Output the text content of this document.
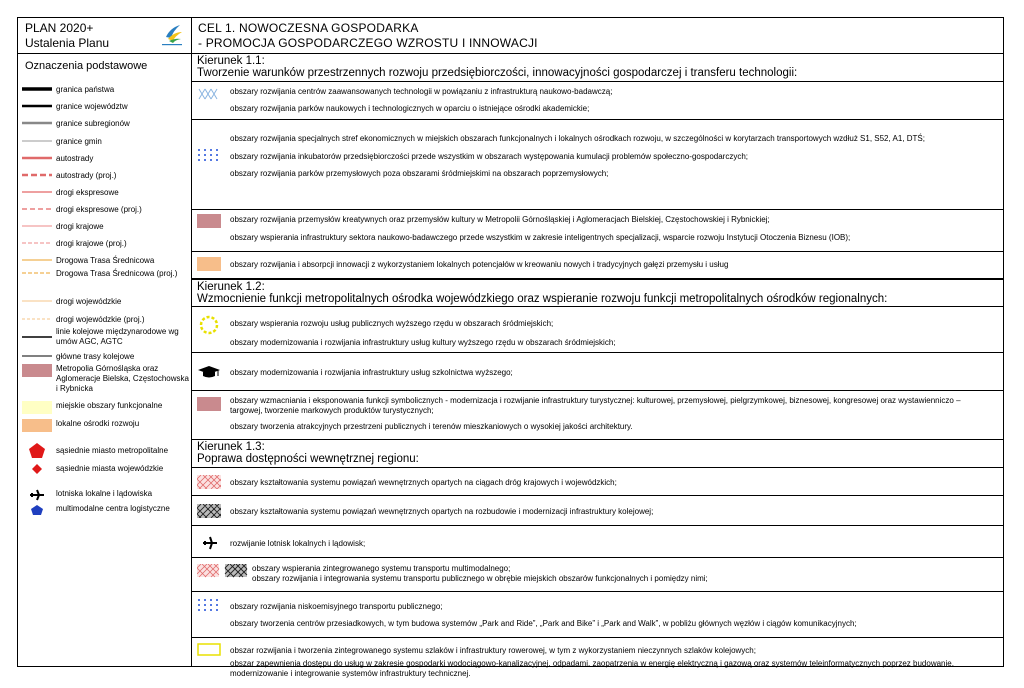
PLAN 2020+
Ustalenia Planu
CEL 1. NOWOCZESNA GOSPODARKA
- PROMOCJA GOSPODARCZEGO WZROSTU I INNOWACJI
Oznaczenia podstawowe
granica państwa
granice województw
granice subregionów
granice gmin
autostrady
autostrady (proj.)
drogi ekspresowe
drogi ekspresowe (proj.)
drogi krajowe
drogi krajowe (proj.)
Drogowa Trasa Średnicowa
Drogowa Trasa Średnicowa (proj.)
drogi wojewódzkie
drogi wojewódzkie (proj.)
linie kolejowe międzynarodowe wg umów AGC, AGTC
główne trasy kolejowe
Metropolia Górnośląska oraz Aglomeracje Bielska, Częstochowska i Rybnicka
miejskie obszary funkcjonalne
lokalne ośrodki rozwoju
sąsiednie miasto metropolitalne
sąsiednie miasta wojewódzkie
lotniska lokalne i lądowiska
multimodalne centra logistyczne
Kierunek 1.1:
Tworzenie warunków przestrzennych rozwoju przedsiębiorczości, innowacyjności gospodarczej i transferu technologii:
obszary rozwijania centrów zaawansowanych technologii w powiązaniu z infrastrukturą naukowo-badawczą;
obszary rozwijania parków naukowych i technologicznych w oparciu o istniejące ośrodki akademickie;
obszary rozwijania specjalnych stref ekonomicznych w miejskich obszarach funkcjonalnych i lokalnych ośrodkach rozwoju, w szczególności w korytarzach transportowych wzdłuż S1, S52, A1, DTŚ;
obszary rozwijania inkubatorów przedsiębiorczości przede wszystkim w obszarach występowania kumulacji problemów społeczno-gospodarczych;
obszary rozwijania parków przemysłowych poza obszarami śródmiejskimi na obszarach poprzemysłowych;
obszary rozwijania przemysłów kreatywnych oraz przemysłów kultury w Metropolii Górnośląskiej i Aglomeracjach Bielskiej, Częstochowskiej i Rybnickiej;
obszary wspierania infrastruktury sektora naukowo-badawczego przede wszystkim w zakresie inteligentnych specjalizacji, wsparcie rozwoju Instytucji Otoczenia Biznesu (IOB);
obszary rozwijania i absorpcji innowacji z wykorzystaniem lokalnych potencjałów w kreowaniu nowych i tradycyjnych gałęzi przemysłu i usług
Kierunek 1.2:
Wzmocnienie funkcji metropolitalnych ośrodka wojewódzkiego oraz wspieranie rozwoju funkcji metropolitalnych ośrodków regionalnych:
obszary wspierania rozwoju usług publicznych wyższego rzędu w obszarach śródmiejskich;
obszary modernizowania i rozwijania infrastruktury usług kultury wyższego rzędu w obszarach śródmiejskich;
obszary modernizowania i rozwijania infrastruktury usług szkolnictwa wyższego;
obszary wzmacniania i eksponowania funkcji symbolicznych - modernizacja i rozwijanie infrastruktury turystycznej: kulturowej, przemysłowej, pielgrzymkowej, biznesowej, kongresowej oraz wystawienniczo – targowej, tworzenie markowych produktów turystycznych;
obszary tworzenia atrakcyjnych przestrzeni publicznych i terenów mieszkaniowych o wysokiej jakości architektury.
Kierunek 1.3:
Poprawa dostępności wewnętrznej regionu:
obszary kształtowania systemu powiązań wewnętrznych opartych na ciągach dróg krajowych i wojewódzkich;
obszary kształtowania systemu powiązań wewnętrznych opartych na rozbudowie i modernizacji infrastruktury kolejowej;
rozwijanie lotnisk lokalnych i lądowisk;
obszary wspierania zintegrowanego systemu transportu multimodalnego;
obszary rozwijania i integrowania systemu transportu publicznego w obrębie miejskich obszarów funkcjonalnych i pomiędzy nimi;
obszary rozwijania niskoemisyjnego transportu publicznego;
obszary tworzenia centrów przesiadkowych, w tym budowa systemów „Park and Ride”, „Park and Bike” i „Park and Walk”, w pobliżu głównych węzłów i ciągów komunikacyjnych;
obszar rozwijania i tworzenia zintegrowanego systemu szlaków i infrastruktury rowerowej, w tym z wykorzystaniem nieczynnych szlaków kolejowych;
obszar zapewnienia dostępu do usług w zakresie gospodarki wodociągowo-kanalizacyjnej, odpadami, zaopatrzenia w energię elektryczną i gazową oraz systemów teleinformatycznych poprzez budowanie, modernizowanie i integrowanie systemów infrastruktury technicznej.
